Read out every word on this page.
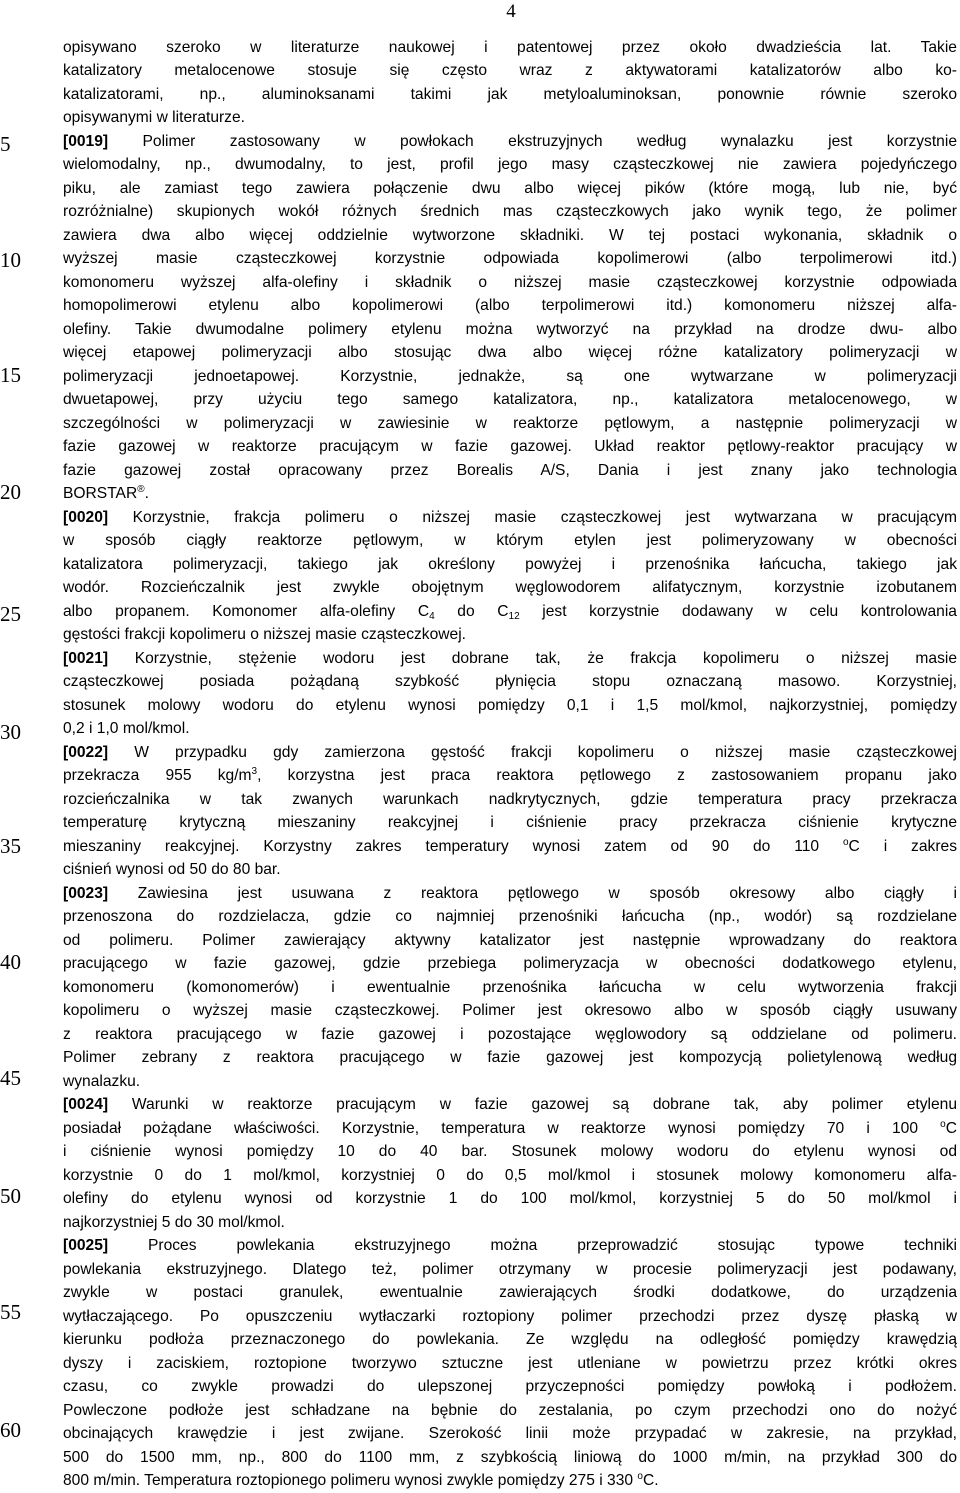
4
5
10
15
20
25
30
35
40
45
50
55
60
opisywano szeroko w literaturze naukowej i patentowej przez około dwadzieścia lat. Takie
katalizatory metalocenowe stosuje się często wraz z aktywatorami katalizatorów albo ko-
katalizatorami, np., aluminoksanami takimi jak metyloaluminoksan, ponownie równie szeroko
opisywanymi w literaturze.
[0019] Polimer zastosowany w powłokach ekstruzyjnych według wynalazku jest korzystnie
wielomodalny, np., dwumodalny, to jest, profil jego masy cząsteczkowej nie zawiera pojedyńczego
piku, ale zamiast tego zawiera połączenie dwu albo więcej pików (które mogą, lub nie, być
rozróżnialne) skupionych wokół różnych średnich mas cząsteczkowych jako wynik tego, że polimer
zawiera dwa albo więcej oddzielnie wytworzone składniki. W tej postaci wykonania, składnik o
wyższej masie cząsteczkowej korzystnie odpowiada kopolimerowi (albo terpolimerowi itd.)
komonomeru wyższej alfa-olefiny i składnik o niższej masie cząsteczkowej korzystnie odpowiada
homopolimerowi etylenu albo kopolimerowi (albo terpolimerowi itd.) komonomeru niższej alfa-
olefiny. Takie dwumodalne polimery etylenu można wytworzyć na przykład na drodze dwu- albo
więcej etapowej polimeryzacji albo stosując dwa albo więcej różne katalizatory polimeryzacji w
polimeryzacji jednoetapowej. Korzystnie, jednakże, są one wytwarzane w polimeryzacji
dwuetapowej, przy użyciu tego samego katalizatora, np., katalizatora metalocenowego, w
szczególności w polimeryzacji w zawiesinie w reaktorze pętlowym, a następnie polimeryzacji w
fazie gazowej w reaktorze pracującym w fazie gazowej. Układ reaktor pętlowy-reaktor pracujący w
fazie gazowej został opracowany przez Borealis A/S, Dania i jest znany jako technologia
BORSTAR®.
[0020] Korzystnie, frakcja polimeru o niższej masie cząsteczkowej jest wytwarzana w pracującym
w sposób ciągły reaktorze pętlowym, w którym etylen jest polimeryzowany w obecności
katalizatora polimeryzacji, takiego jak określony powyżej i przenośnika łańcucha, takiego jak
wodór. Rozcieńczalnik jest zwykle obojętnym węglowodorem alifatycznym, korzystnie izobutanem
albo propanem. Komonomer alfa-olefiny $C_4$ do $C_{12}$ jest korzystnie dodawany w celu kontrolowania
gęstości frakcji kopolimeru o niższej masie cząsteczkowej.
[0021] Korzystnie, stężenie wodoru jest dobrane tak, że frakcja kopolimeru o niższej masie
cząsteczkowej posiada pożądaną szybkość płynięcia stopu oznaczaną masowo. Korzystniej,
stosunek molowy wodoru do etylenu wynosi pomiędzy 0,1 i 1,5 mol/kmol, najkorzystniej, pomiędzy
0,2 i 1,0 mol/kmol.
[0022] W przypadku gdy zamierzona gęstość frakcji kopolimeru o niższej masie cząsteczkowej
przekracza 955 $kg/m^3$, korzystna jest praca reaktora pętlowego z zastosowaniem propanu jako
rozcieńczalnika w tak zwanych warunkach nadkrytycznych, gdzie temperatura pracy przekracza
temperaturę krytyczną mieszaniny reakcyjnej i ciśnienie pracy przekracza ciśnienie krytyczne
mieszaniny reakcyjnej. Korzystny zakres temperatury wynosi zatem od 90 do 110 $^o$C i zakres
ciśnień wynosi od 50 do 80 bar.
[0023] Zawiesina jest usuwana z reaktora pętlowego w sposób okresowy albo ciągły i
przenoszona do rozdzielacza, gdzie co najmniej przenośniki łańcucha (np., wodór) są rozdzielane
od polimeru. Polimer zawierający aktywny katalizator jest następnie wprowadzany do reaktora
pracującego w fazie gazowej, gdzie przebiega polimeryzacja w obecności dodatkowego etylenu,
komonomeru (komonomerów) i ewentualnie przenośnika łańcucha w celu wytworzenia frakcji
kopolimeru o wyższej masie cząsteczkowej. Polimer jest okresowo albo w sposób ciągły usuwany
z reaktora pracującego w fazie gazowej i pozostające węglowodory są oddzielane od polimeru.
Polimer zebrany z reaktora pracującego w fazie gazowej jest kompozycją polietylenową według
wynalazku.
[0024] Warunki w reaktorze pracującym w fazie gazowej są dobrane tak, aby polimer etylenu
posiadał pożądane właściwości. Korzystnie, temperatura w reaktorze wynosi pomiędzy 70 i 100 $^o$C
i ciśnienie wynosi pomiędzy 10 do 40 bar. Stosunek molowy wodoru do etylenu wynosi od
korzystnie 0 do 1 mol/kmol, korzystniej 0 do 0,5 mol/kmol i stosunek molowy komonomeru alfa-
olefiny do etylenu wynosi od korzystnie 1 do 100 mol/kmol, korzystniej 5 do 50 mol/kmol i
najkorzystniej 5 do 30 mol/kmol.
[0025] Proces powlekania ekstruzyjnego można przeprowadzić stosując typowe techniki
powlekania ekstruzyjnego. Dlatego też, polimer otrzymany w procesie polimeryzacji jest podawany,
zwykle w postaci granulek, ewentualnie zawierających środki dodatkowe, do urządzenia
wytłaczającego. Po opuszczeniu wytłaczarki roztopiony polimer przechodzi przez dyszę płaską w
kierunku podłoża przeznaczonego do powlekania. Ze względu na odległość pomiędzy krawędzią
dyszy i zaciskiem, roztopione tworzywo sztuczne jest utleniane w powietrzu przez krótki okres
czasu, co zwykle prowadzi do ulepszonej przyczepności pomiędzy powłoką i podłożem.
Powleczone podłoże jest schładzane na bębnie do zestalania, po czym przechodzi ono do nożyć
obcinających krawędzie i jest zwijane. Szerokość linii może przypadać w zakresie, na przykład,
500 do 1500 mm, np., 800 do 1100 mm, z szybkością liniową do 1000 m/min, na przykład 300 do
800 m/min. Temperatura roztopionego polimeru wynosi zwykle pomiędzy 275 i 330 $^o$C.
